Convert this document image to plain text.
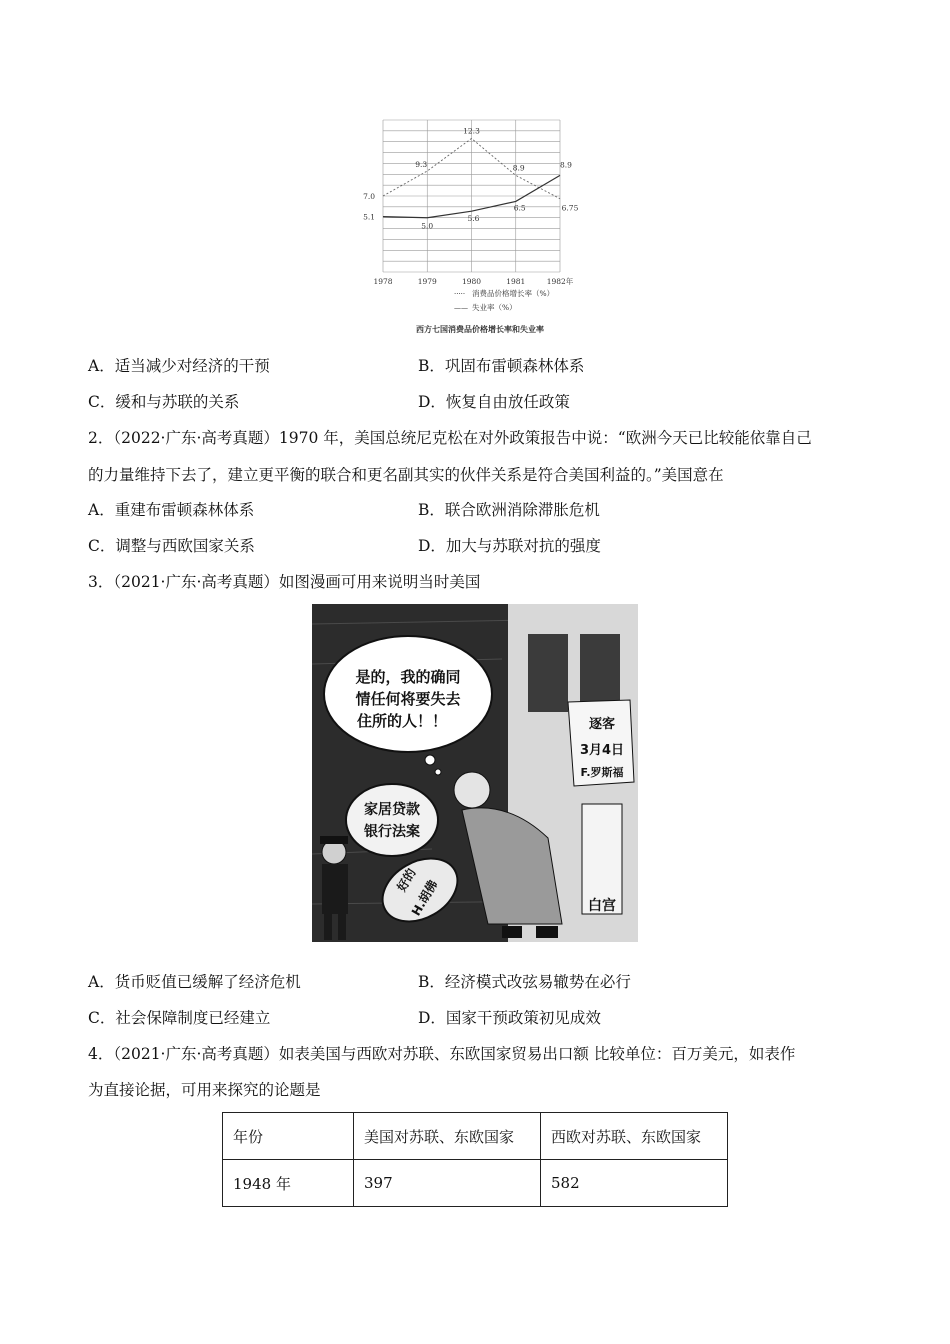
1978	1979	1980	1981	1982年
7.0
9.3
12.3
8.9
6.75
5.1
5.0
5.6
6.5
8.9
····· 消费品价格增长率（%）
—— 失业率（%）
西方七国消费品价格增长率和失业率
A．适当减少对经济的干预	B．巩固布雷顿森林体系
C．缓和与苏联的关系	D．恢复自由放任政策
2．（2022·广东·高考真题）1970 年，美国总统尼克松在对外政策报告中说：“欧洲今天已比较能依靠自己
的力量维持下去了，建立更平衡的联合和更名副其实的伙伴关系是符合美国利益的。”美国意在
A．重建布雷顿森林体系	B．联合欧洲消除滞胀危机
C．调整与西欧国家关系	D．加大与苏联对抗的强度
3．（2021·广东·高考真题）如图漫画可用来说明当时美国
白宫
逐客
3月4日
F.罗斯福
是的，我的确同
情任何将要失去
住所的人！！
家居贷款
银行法案
好的
H.胡佛
A．货币贬值已缓解了经济危机	B．经济模式改弦易辙势在必行
C．社会保障制度已经建立	D．国家干预政策初见成效
4．（2021·广东·高考真题）如表美国与西欧对苏联、东欧国家贸易出口额 比较单位：百万美元，如表作
为直接论据，可用来探究的论题是
年份	美国对苏联、东欧国家	西欧对苏联、东欧国家
1948 年	397	582
